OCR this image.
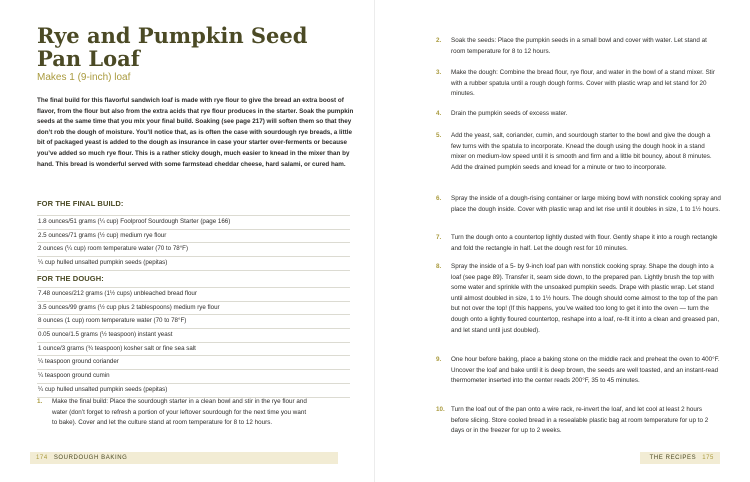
Rye and Pumpkin Seed Pan Loaf
Makes 1 (9-inch) loaf

The final build for this flavorful sandwich loaf is made with rye flour to give the bread an extra boost of flavor, from the flour but also from the extra acids that rye flour produces in the starter. Soak the pumpkin seeds at the same time that you mix your final build. Soaking (see page 217) will soften them so that they don’t rob the dough of moisture. You’ll notice that, as is often the case with sourdough rye breads, a little bit of packaged yeast is added to the dough as insurance in case your starter over-ferments or because you’ve added so much rye flour. This is a rather sticky dough, much easier to knead in the mixer than by hand. This bread is wonderful served with some farmstead cheddar cheese, hard salami, or cured ham.

FOR THE FINAL BUILD:
1.8 ounces/51 grams (¼ cup) Foolproof Sourdough Starter (page 166)
2.5 ounces/71 grams (½ cup) medium rye flour
2 ounces (¼ cup) room temperature water (70 to 78°F)
¼ cup hulled unsalted pumpkin seeds (pepitas)
FOR THE DOUGH:
7.48 ounces/212 grams (1½ cups) unbleached bread flour
3.5 ounces/99 grams (½ cup plus 2 tablespoons) medium rye flour
8 ounces (1 cup) room temperature water (70 to 78°F)
0.05 ounce/1.5 grams (½ teaspoon) instant yeast
1 ounce/3 grams (¾ teaspoon) kosher salt or fine sea salt
¼ teaspoon ground coriander
¼ teaspoon ground cumin
¼ cup hulled unsalted pumpkin seeds (pepitas)
1. Make the final build: Place the sourdough starter in a clean bowl and stir in the rye flour and water (don’t forget to refresh a portion of your leftover sourdough for the next time you want to bake). Cover and let the culture stand at room temperature for 8 to 12 hours.
174 SOURDOUGH BAKING
2. Soak the seeds: Place the pumpkin seeds in a small bowl and cover with water. Let stand at room temperature for 8 to 12 hours.
3. Make the dough: Combine the bread flour, rye flour, and water in the bowl of a stand mixer. Stir with a rubber spatula until a rough dough forms. Cover with plastic wrap and let stand for 20 minutes.
4. Drain the pumpkin seeds of excess water.
5. Add the yeast, salt, coriander, cumin, and sourdough starter to the bowl and give the dough a few turns with the spatula to incorporate. Knead the dough using the dough hook in a stand mixer on medium-low speed until it is smooth and firm and a little bit bouncy, about 8 minutes. Add the drained pumpkin seeds and knead for a minute or two to incorporate.
6. Spray the inside of a dough-rising container or large mixing bowl with nonstick cooking spray and place the dough inside. Cover with plastic wrap and let rise until it doubles in size, 1 to 1½ hours.
7. Turn the dough onto a countertop lightly dusted with flour. Gently shape it into a rough rectangle and fold the rectangle in half. Let the dough rest for 10 minutes.
8. Spray the inside of a 5- by 9-inch loaf pan with nonstick cooking spray. Shape the dough into a loaf (see page 89). Transfer it, seam side down, to the prepared pan. Lightly brush the top with some water and sprinkle with the unsoaked pumpkin seeds. Drape with plastic wrap. Let stand until almost doubled in size, 1 to 1½ hours. The dough should come almost to the top of the pan but not over the top! (If this happens, you’ve waited too long to get it into the oven — turn the dough onto a lightly floured countertop, reshape into a loaf, re-fit it into a clean and greased pan, and let stand until just doubled).
9. One hour before baking, place a baking stone on the middle rack and preheat the oven to 400°F. Uncover the loaf and bake until it is deep brown, the seeds are well toasted, and an instant-read thermometer inserted into the center reads 200°F, 35 to 45 minutes.
10. Turn the loaf out of the pan onto a wire rack, re-invert the loaf, and let cool at least 2 hours before slicing. Store cooled bread in a resealable plastic bag at room temperature for up to 2 days or in the freezer for up to 2 weeks.
THE RECIPES 175
